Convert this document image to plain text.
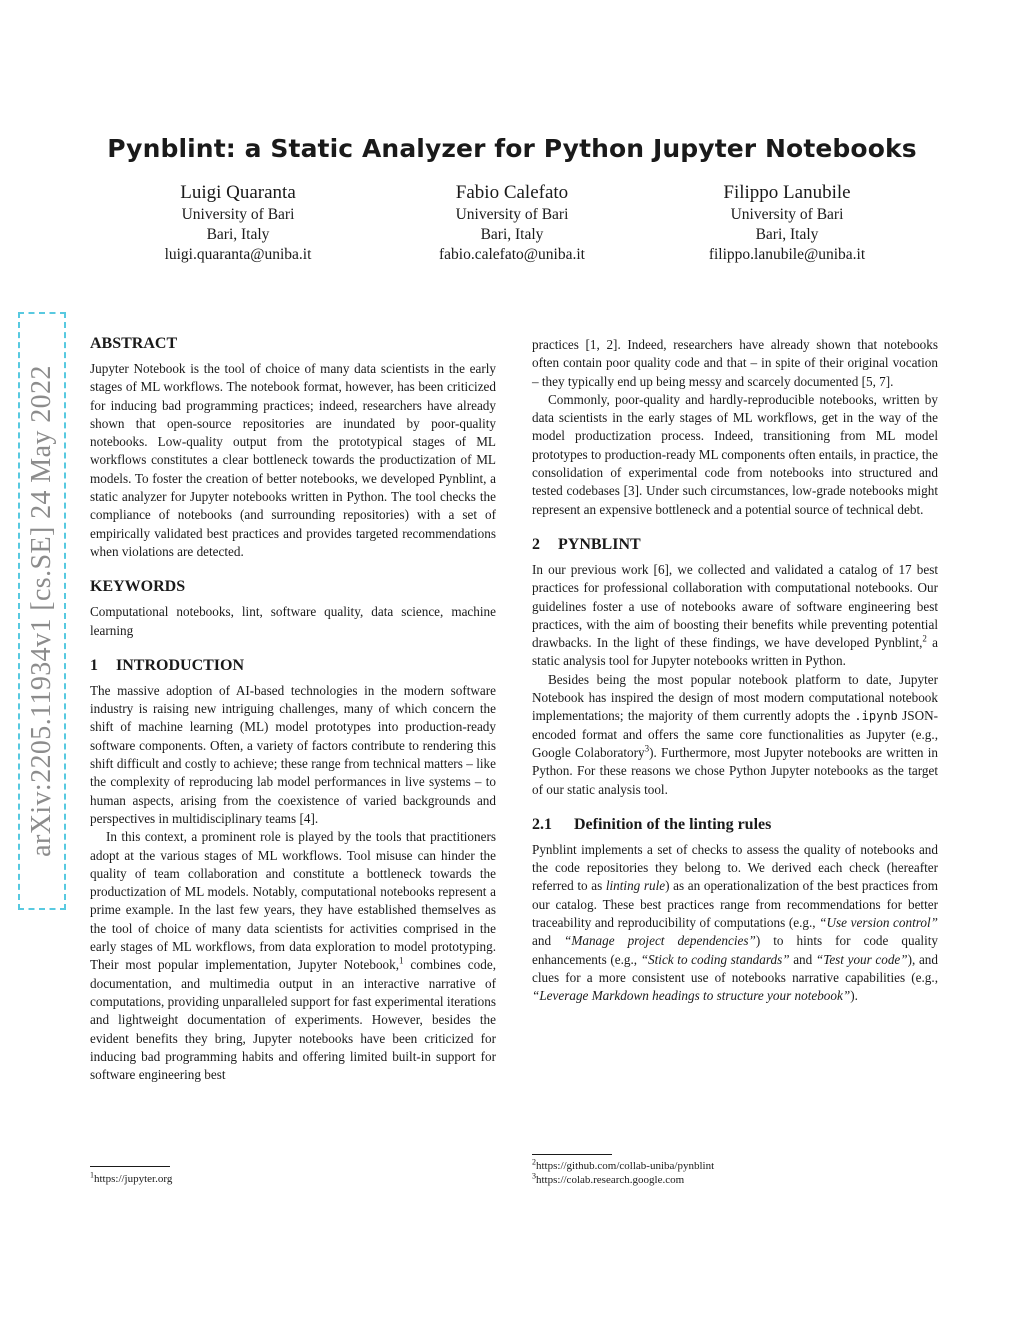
Pynblint: a Static Analyzer for Python Jupyter Notebooks
Luigi Quaranta
University of Bari
Bari, Italy
luigi.quaranta@uniba.it
Fabio Calefato
University of Bari
Bari, Italy
fabio.calefato@uniba.it
Filippo Lanubile
University of Bari
Bari, Italy
filippo.lanubile@uniba.it
arXiv:2205.11934v1 [cs.SE] 24 May 2022
ABSTRACT

Jupyter Notebook is the tool of choice of many data scientists in the early stages of ML workflows. The notebook format, however, has been criticized for inducing bad programming practices; indeed, researchers have already shown that open-source repositories are inundated by poor-quality notebooks. Low-quality output from the prototypical stages of ML workflows constitutes a clear bottleneck towards the productization of ML models. To foster the creation of better notebooks, we developed Pynblint, a static analyzer for Jupyter notebooks written in Python. The tool checks the compliance of notebooks (and surrounding repositories) with a set of empirically validated best practices and provides targeted recommendations when violations are detected.

KEYWORDS

Computational notebooks, lint, software quality, data science, machine learning

1 INTRODUCTION

The massive adoption of AI-based technologies in the modern software industry is raising new intriguing challenges, many of which concern the shift of machine learning (ML) model prototypes into production-ready software components. Often, a variety of factors contribute to rendering this shift difficult and costly to achieve; these range from technical matters – like the complexity of reproducing lab model performances in live systems – to human aspects, arising from the coexistence of varied backgrounds and perspectives in multidisciplinary teams [4].

In this context, a prominent role is played by the tools that practitioners adopt at the various stages of ML workflows. Tool misuse can hinder the quality of team collaboration and constitute a bottleneck towards the productization of ML models. Notably, computational notebooks represent a prime example. In the last few years, they have established themselves as the tool of choice of many data scientists for activities comprised in the early stages of ML workflows, from data exploration to model prototyping. Their most popular implementation, Jupyter Notebook,$^1$ combines code, documentation, and multimedia output in an interactive narrative of computations, providing unparalleled support for fast experimental iterations and lightweight documentation of experiments. However, besides the evident benefits they bring, Jupyter notebooks have been criticized for inducing bad programming habits and offering limited built-in support for software engineering best

practices [1, 2]. Indeed, researchers have already shown that notebooks often contain poor quality code and that – in spite of their original vocation – they typically end up being messy and scarcely documented [5, 7].

Commonly, poor-quality and hardly-reproducible notebooks, written by data scientists in the early stages of ML workflows, get in the way of the model productization process. Indeed, transitioning from ML model prototypes to production-ready ML components often entails, in practice, the consolidation of experimental code from notebooks into structured and tested codebases [3]. Under such circumstances, low-grade notebooks might represent an expensive bottleneck and a potential source of technical debt.

2 PYNBLINT

In our previous work [6], we collected and validated a catalog of 17 best practices for professional collaboration with computational notebooks. Our guidelines foster a use of notebooks aware of software engineering best practices, with the aim of boosting their benefits while preventing potential drawbacks. In the light of these findings, we have developed Pynblint,$^2$ a static analysis tool for Jupyter notebooks written in Python.

Besides being the most popular notebook platform to date, Jupyter Notebook has inspired the design of most modern computational notebook implementations; the majority of them currently adopts the .ipynb JSON-encoded format and offers the same core functionalities as Jupyter (e.g., Google Colaboratory$^3$). Furthermore, most Jupyter notebooks are written in Python. For these reasons we chose Python Jupyter notebooks as the target of our static analysis tool.

2.1 Definition of the linting rules

Pynblint implements a set of checks to assess the quality of notebooks and the code repositories they belong to. We derived each check (hereafter referred to as linting rule) as an operationalization of the best practices from our catalog. These best practices range from recommendations for better traceability and reproducibility of computations (e.g., “Use version control” and “Manage project dependencies”) to hints for code quality enhancements (e.g., “Stick to coding standards” and “Test your code”), and clues for a more consistent use of notebooks narrative capabilities (e.g., “Leverage Markdown headings to structure your notebook”).

$^1$https://jupyter.org
$^2$https://github.com/collab-uniba/pynblint
$^3$https://colab.research.google.com
